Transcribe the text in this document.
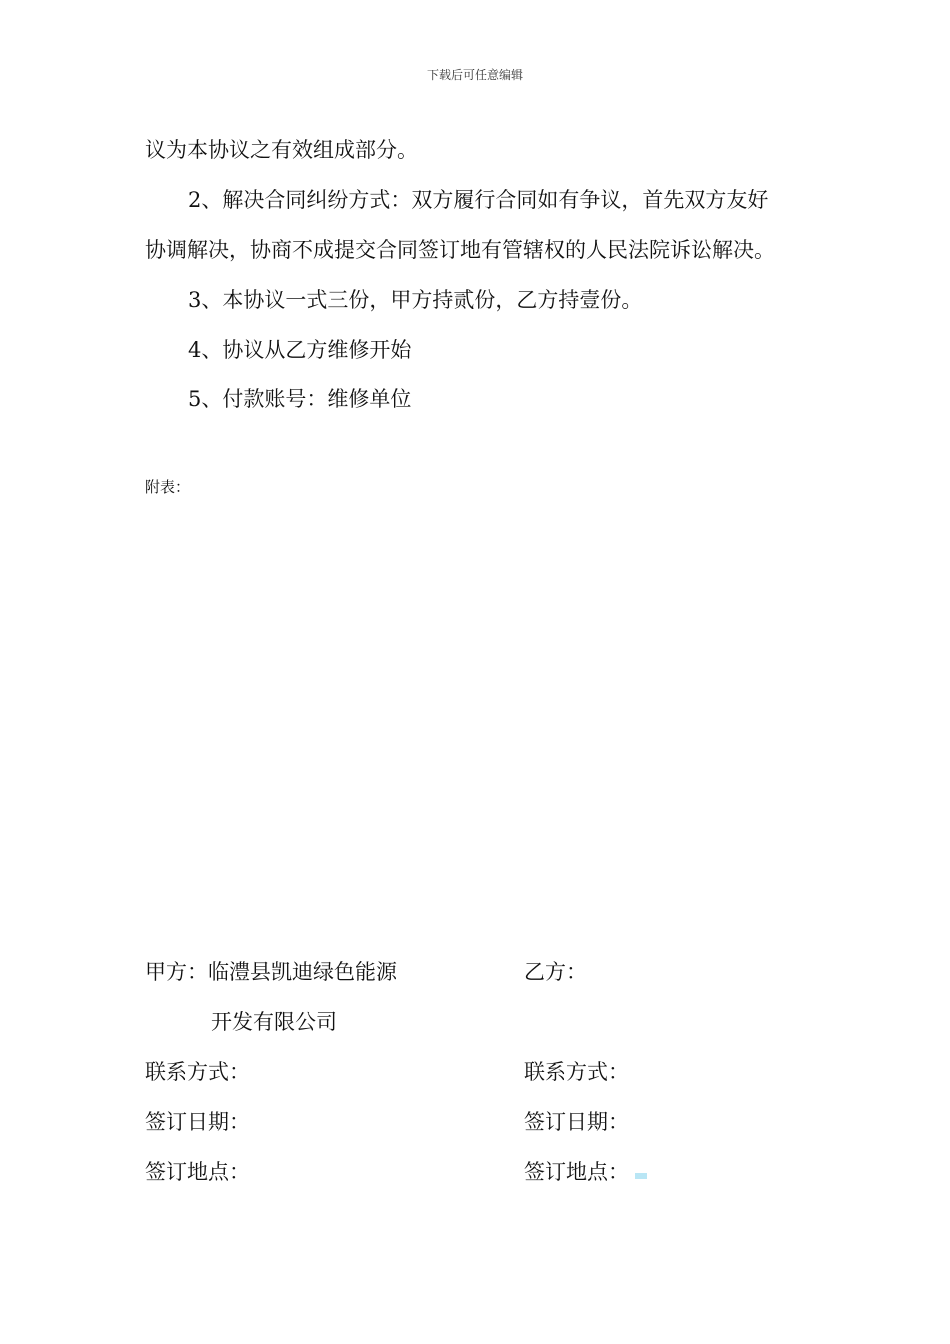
下载后可任意编辑
议为本协议之有效组成部分。
2、解决合同纠纷方式：双方履行合同如有争议，首先双方友好
协调解决，协商不成提交合同签订地有管辖权的人民法院诉讼解决。
3、本协议一式三份，甲方持贰份，乙方持壹份。
4、协议从乙方维修开始
5、付款账号：维修单位
附表：
甲方：临澧县凯迪绿色能源
开发有限公司
联系方式：
签订日期：
签订地点：
乙方：
联系方式：
签订日期：
签订地点：
